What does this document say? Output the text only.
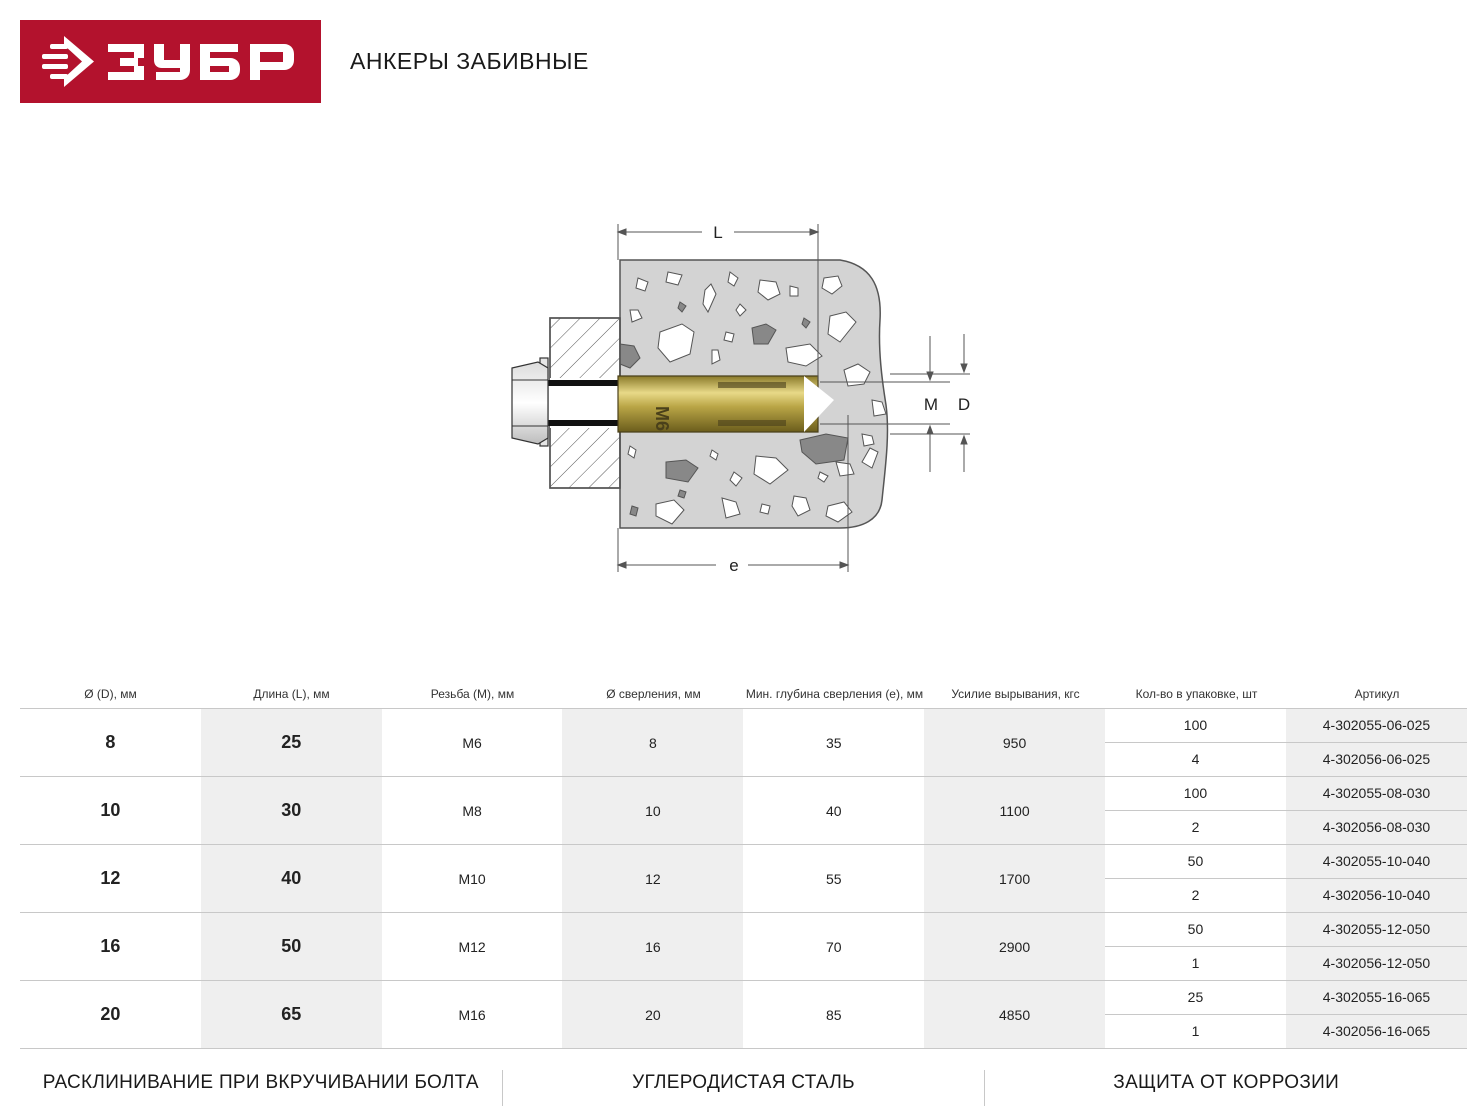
АНКЕРЫ ЗАБИВНЫЕ
M6
L
e
M D
Ø (D), мм	Длина (L), мм	Резьба (M), мм	Ø сверления, мм	Мин. глубина сверления (e), мм	Усилие вырывания, кгс	Кол-во в упаковке, шт	Артикул
8	25	M6	8	35	950
100	4-302055-06-025
4	4-302056-06-025
10	30	M8	10	40	1100
100	4-302055-08-030
2	4-302056-08-030
12	40	M10	12	55	1700
50	4-302055-10-040
2	4-302056-10-040
16	50	M12	16	70	2900
50	4-302055-12-050
1	4-302056-12-050
20	65	M16	20	85	4850
25	4-302055-16-065
1	4-302056-16-065
РАСКЛИНИВАНИЕ ПРИ ВКРУЧИВАНИИ БОЛТА	УГЛЕРОДИСТАЯ СТАЛЬ	ЗАЩИТА ОТ КОРРОЗИИ
